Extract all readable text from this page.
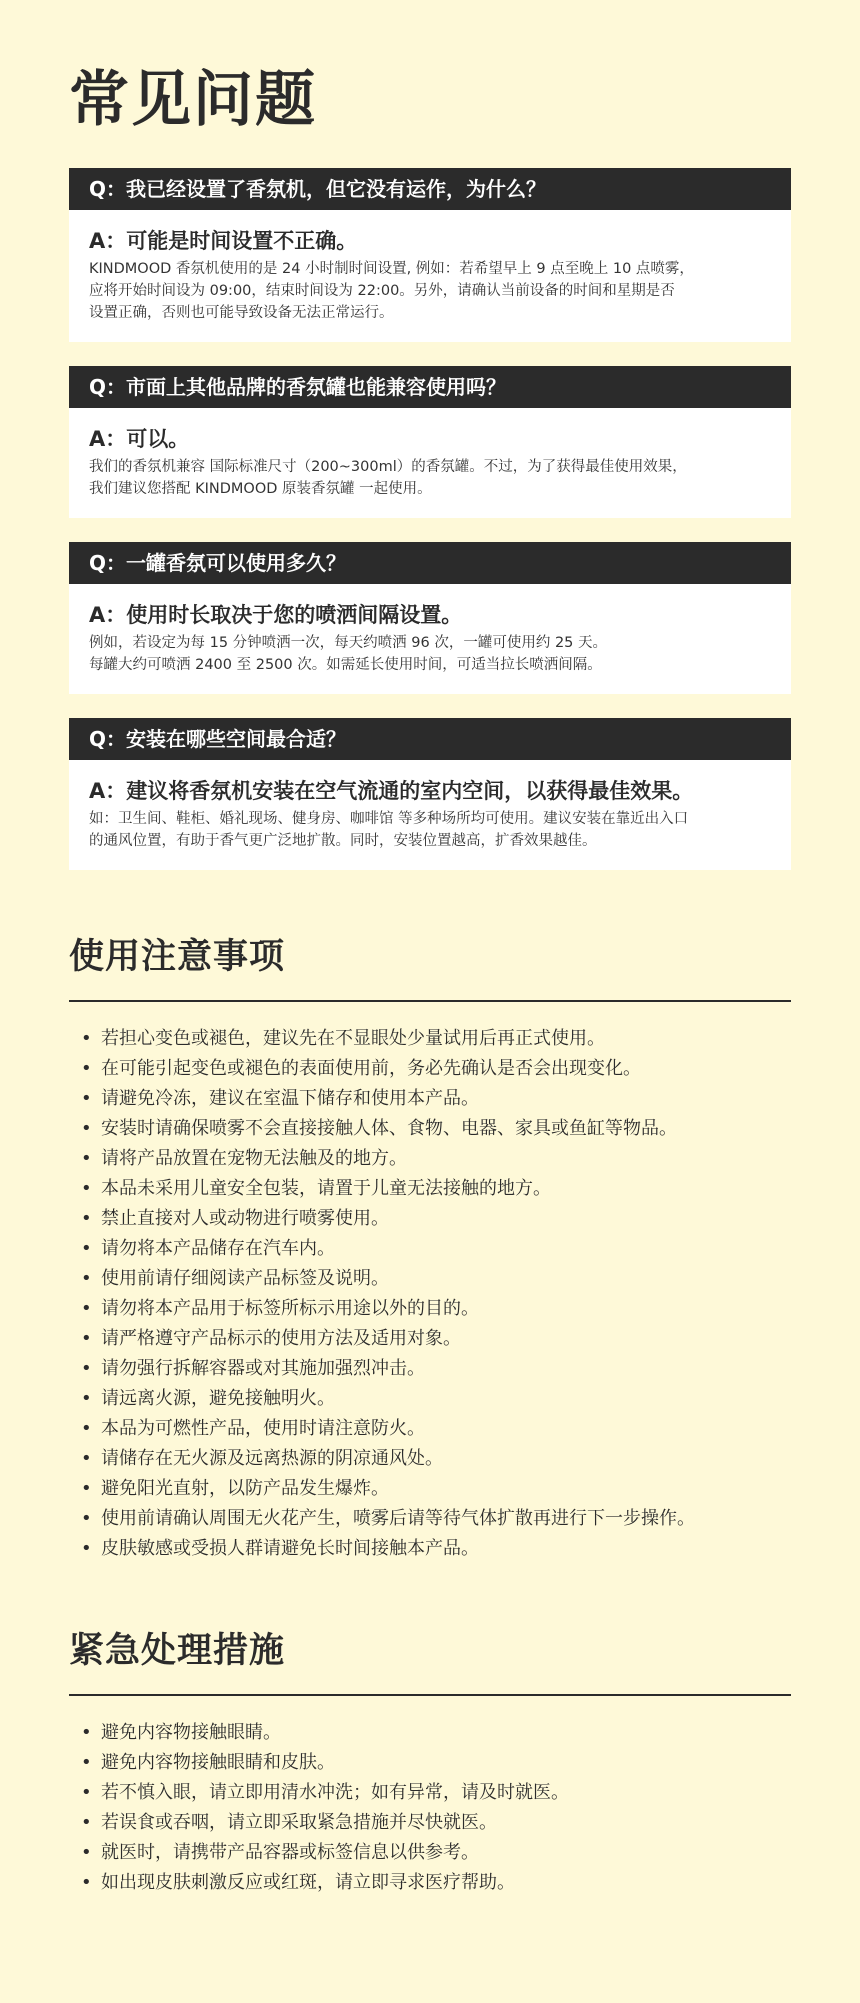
常见问题
Q：我已经设置了香氛机，但它没有运作，为什么？
A：可能是时间设置不正确。
KINDMOOD 香氛机使用的是 24 小时制时间设置, 例如：若希望早上 9 点至晚上 10 点喷雾，
应将开始时间设为 09:00，结束时间设为 22:00。另外，请确认当前设备的时间和星期是否
设置正确，否则也可能导致设备无法正常运行。
Q：市面上其他品牌的香氛罐也能兼容使用吗？
A：可以。
我们的香氛机兼容 国际标准尺寸（200~300ml）的香氛罐。不过，为了获得最佳使用效果，
我们建议您搭配 KINDMOOD 原装香氛罐 一起使用。
Q：一罐香氛可以使用多久？
A：使用时长取决于您的喷洒间隔设置。
例如，若设定为每 15 分钟喷洒一次，每天约喷洒 96 次，一罐可使用约 25 天。
每罐大约可喷洒 2400 至 2500 次。如需延长使用时间，可适当拉长喷洒间隔。
Q：安装在哪些空间最合适？
A：建议将香氛机安装在空气流通的室内空间，以获得最佳效果。
如：卫生间、鞋柜、婚礼现场、健身房、咖啡馆 等多种场所均可使用。建议安装在靠近出入口
的通风位置，有助于香气更广泛地扩散。同时，安装位置越高，扩香效果越佳。
使用注意事项
• 若担心变色或褪色，建议先在不显眼处少量试用后再正式使用。
• 在可能引起变色或褪色的表面使用前，务必先确认是否会出现变化。
• 请避免冷冻，建议在室温下储存和使用本产品。
• 安装时请确保喷雾不会直接接触人体、食物、电器、家具或鱼缸等物品。
• 请将产品放置在宠物无法触及的地方。
• 本品未采用儿童安全包装，请置于儿童无法接触的地方。
• 禁止直接对人或动物进行喷雾使用。
• 请勿将本产品储存在汽车内。
• 使用前请仔细阅读产品标签及说明。
• 请勿将本产品用于标签所标示用途以外的目的。
• 请严格遵守产品标示的使用方法及适用对象。
• 请勿强行拆解容器或对其施加强烈冲击。
• 请远离火源，避免接触明火。
• 本品为可燃性产品，使用时请注意防火。
• 请储存在无火源及远离热源的阴凉通风处。
• 避免阳光直射，以防产品发生爆炸。
• 使用前请确认周围无火花产生，喷雾后请等待气体扩散再进行下一步操作。
• 皮肤敏感或受损人群请避免长时间接触本产品。
紧急处理措施
• 避免内容物接触眼睛。
• 避免内容物接触眼睛和皮肤。
• 若不慎入眼，请立即用清水冲洗；如有异常，请及时就医。
• 若误食或吞咽，请立即采取紧急措施并尽快就医。
• 就医时，请携带产品容器或标签信息以供参考。
• 如出现皮肤刺激反应或红斑，请立即寻求医疗帮助。
